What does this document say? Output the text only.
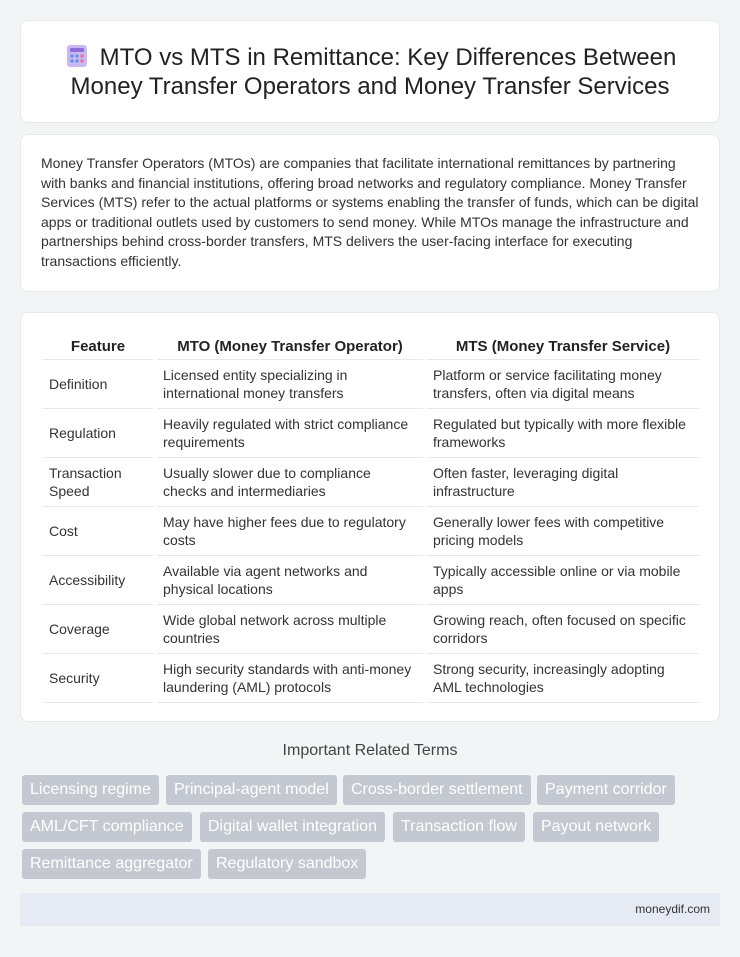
MTO vs MTS in Remittance: Key Differences Between Money Transfer Operators and Money Transfer Services

Money Transfer Operators (MTOs) are companies that facilitate international remittances by partnering with banks and financial institutions, offering broad networks and regulatory compliance. Money Transfer Services (MTS) refer to the actual platforms or systems enabling the transfer of funds, which can be digital apps or traditional outlets used by customers to send money. While MTOs manage the infrastructure and partnerships behind cross-border transfers, MTS delivers the user-facing interface for executing transactions efficiently.

Feature		MTO (Money Transfer Operator)		MTS (Money Transfer Service)
Definition		Licensed entity specializing in international money transfers		Platform or service facilitating money transfers, often via digital means
Regulation		Heavily regulated with strict compliance requirements		Regulated but typically with more flexible frameworks
Transaction Speed		Usually slower due to compliance checks and intermediaries		Often faster, leveraging digital infrastructure
Cost		May have higher fees due to regulatory costs		Generally lower fees with competitive pricing models
Accessibility		Available via agent networks and physical locations		Typically accessible online or via mobile apps
Coverage		Wide global network across multiple countries		Growing reach, often focused on specific corridors
Security		High security standards with anti-money laundering (AML) protocols		Strong security, increasingly adopting AML technologies
Important Related Terms
Licensing regime	Principal-agent model	Cross-border settlement	Payment corridor
AML/CFT compliance	Digital wallet integration	Transaction flow	Payout network
Remittance aggregator	Regulatory sandbox
moneydif.com
